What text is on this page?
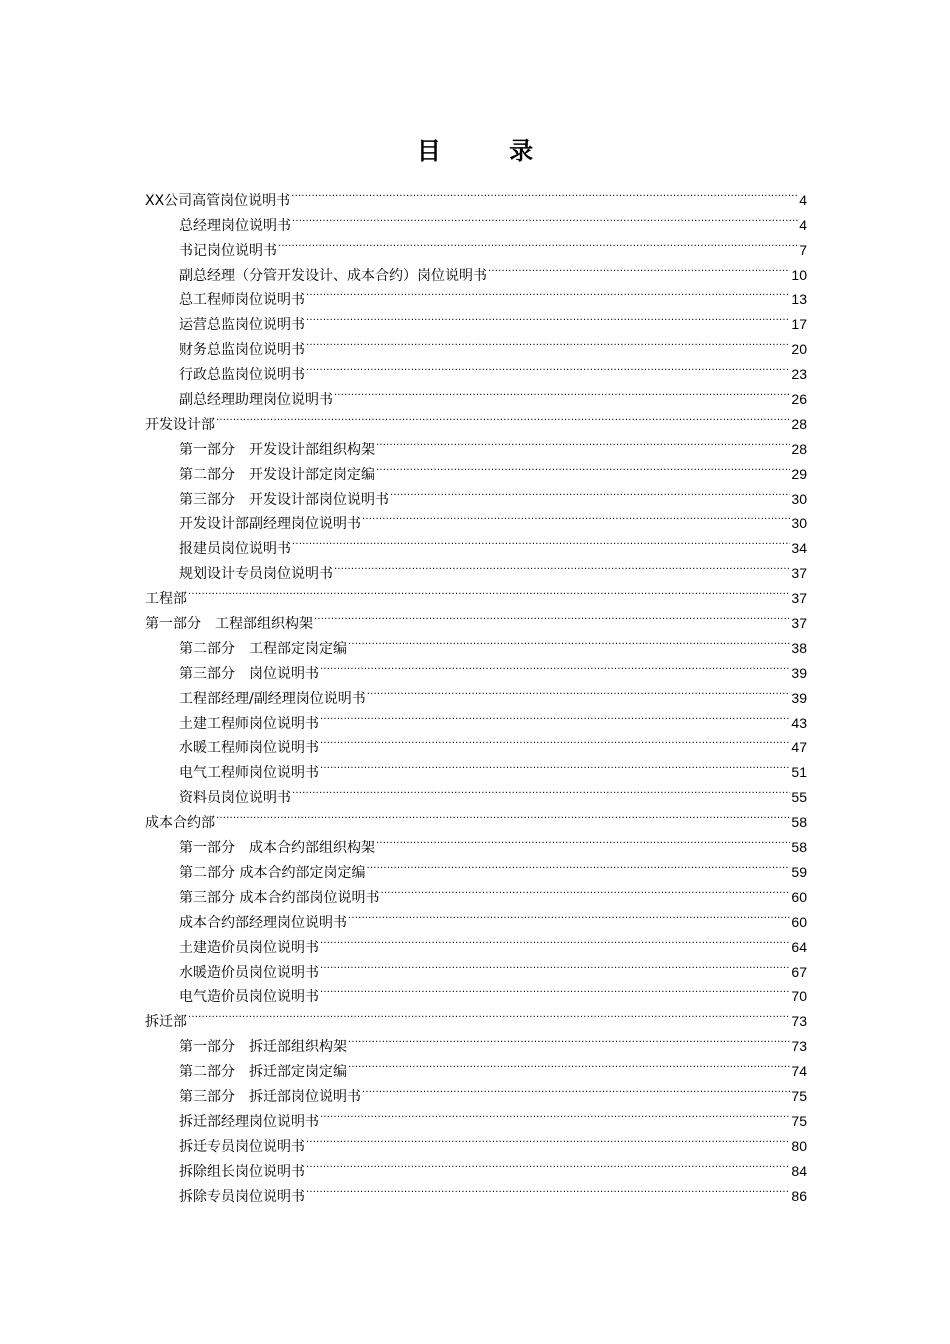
目 录
XX公司高管岗位说明书 .....	4
总经理岗位说明书 .....	4
书记岗位说明书 .....	7
副总经理（分管开发设计、成本合约）岗位说明书 .....	10
总工程师岗位说明书 .....	13
运营总监岗位说明书 .....	17
财务总监岗位说明书 .....	20
行政总监岗位说明书 .....	23
副总经理助理岗位说明书 .....	26
开发设计部 .....	28
第一部分　开发设计部组织构架 .....	28
第二部分　开发设计部定岗定编 .....	29
第三部分　开发设计部岗位说明书 .....	30
开发设计部副经理岗位说明书 .....	30
报建员岗位说明书 .....	34
规划设计专员岗位说明书 .....	37
工程部 .....	37
第一部分　工程部组织构架 .....	37
第二部分　工程部定岗定编 .....	38
第三部分　岗位说明书 .....	39
工程部经理/副经理岗位说明书 .....	39
土建工程师岗位说明书 .....	43
水暖工程师岗位说明书 .....	47
电气工程师岗位说明书 .....	51
资料员岗位说明书 .....	55
成本合约部 .....	58
第一部分　成本合约部组织构架 .....	58
第二部分 成本合约部定岗定编 .....	59
第三部分 成本合约部岗位说明书 .....	60
成本合约部经理岗位说明书 .....	60
土建造价员岗位说明书 .....	64
水暖造价员岗位说明书 .....	67
电气造价员岗位说明书 .....	70
拆迁部 .....	73
第一部分　拆迁部组织构架 .....	73
第二部分　拆迁部定岗定编 .....	74
第三部分　拆迁部岗位说明书 .....	75
拆迁部经理岗位说明书 .....	75
拆迁专员岗位说明书 .....	80
拆除组长岗位说明书 .....	84
拆除专员岗位说明书 .....	86
